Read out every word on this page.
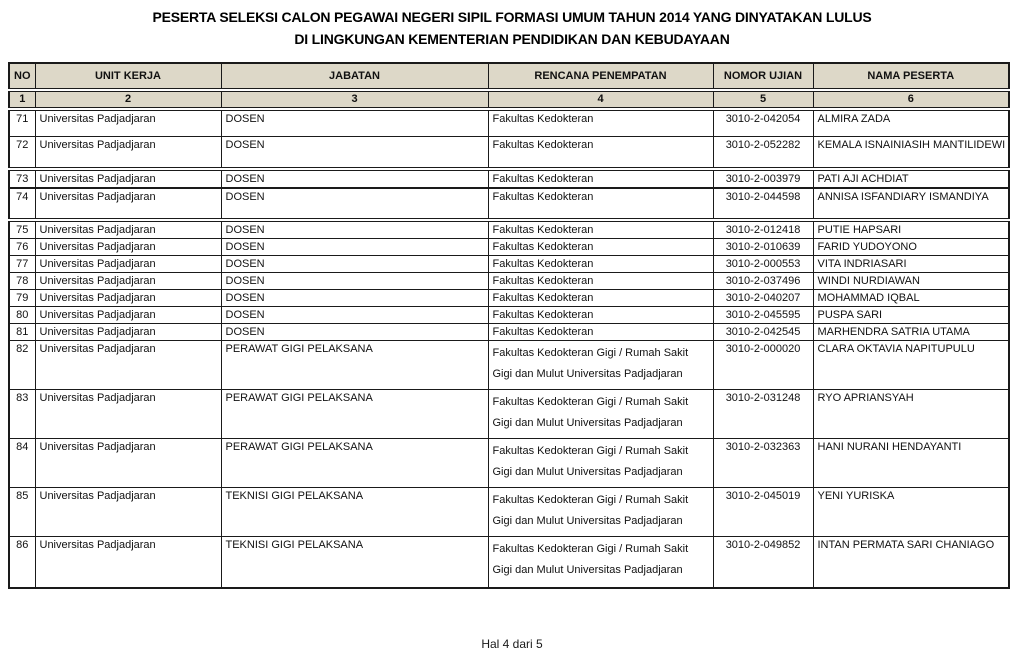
PESERTA SELEKSI CALON PEGAWAI NEGERI SIPIL FORMASI UMUM TAHUN 2014 YANG DINYATAKAN LULUS
DI LINGKUNGAN KEMENTERIAN PENDIDIKAN DAN KEBUDAYAAN
NO	UNIT KERJA	JABATAN	RENCANA PENEMPATAN	NOMOR UJIAN	NAMA PESERTA
1	2	3	4	5	6
71	Universitas Padjadjaran	DOSEN	Fakultas Kedokteran	3010-2-042054	ALMIRA ZADA
72	Universitas Padjadjaran	DOSEN	Fakultas Kedokteran	3010-2-052282	KEMALA ISNAINIASIH MANTILIDEWI
73	Universitas Padjadjaran	DOSEN	Fakultas Kedokteran	3010-2-003979	PATI AJI ACHDIAT
74	Universitas Padjadjaran	DOSEN	Fakultas Kedokteran	3010-2-044598	ANNISA ISFANDIARY ISMANDIYA
75	Universitas Padjadjaran	DOSEN	Fakultas Kedokteran	3010-2-012418	PUTIE HAPSARI
76	Universitas Padjadjaran	DOSEN	Fakultas Kedokteran	3010-2-010639	FARID YUDOYONO
77	Universitas Padjadjaran	DOSEN	Fakultas Kedokteran	3010-2-000553	VITA INDRIASARI
78	Universitas Padjadjaran	DOSEN	Fakultas Kedokteran	3010-2-037496	WINDI NURDIAWAN
79	Universitas Padjadjaran	DOSEN	Fakultas Kedokteran	3010-2-040207	MOHAMMAD IQBAL
80	Universitas Padjadjaran	DOSEN	Fakultas Kedokteran	3010-2-045595	PUSPA SARI
81	Universitas Padjadjaran	DOSEN	Fakultas Kedokteran	3010-2-042545	MARHENDRA SATRIA UTAMA
82	Universitas Padjadjaran	PERAWAT GIGI PELAKSANA	Fakultas Kedokteran Gigi / Rumah Sakit Gigi dan Mulut Universitas Padjadjaran	3010-2-000020	CLARA OKTAVIA NAPITUPULU
83	Universitas Padjadjaran	PERAWAT GIGI PELAKSANA	Fakultas Kedokteran Gigi / Rumah Sakit Gigi dan Mulut Universitas Padjadjaran	3010-2-031248	RYO APRIANSYAH
84	Universitas Padjadjaran	PERAWAT GIGI PELAKSANA	Fakultas Kedokteran Gigi / Rumah Sakit Gigi dan Mulut Universitas Padjadjaran	3010-2-032363	HANI NURANI HENDAYANTI
85	Universitas Padjadjaran	TEKNISI GIGI PELAKSANA	Fakultas Kedokteran Gigi / Rumah Sakit Gigi dan Mulut Universitas Padjadjaran	3010-2-045019	YENI YURISKA
86	Universitas Padjadjaran	TEKNISI GIGI PELAKSANA	Fakultas Kedokteran Gigi / Rumah Sakit Gigi dan Mulut Universitas Padjadjaran	3010-2-049852	INTAN PERMATA SARI CHANIAGO
Hal 4 dari 5
